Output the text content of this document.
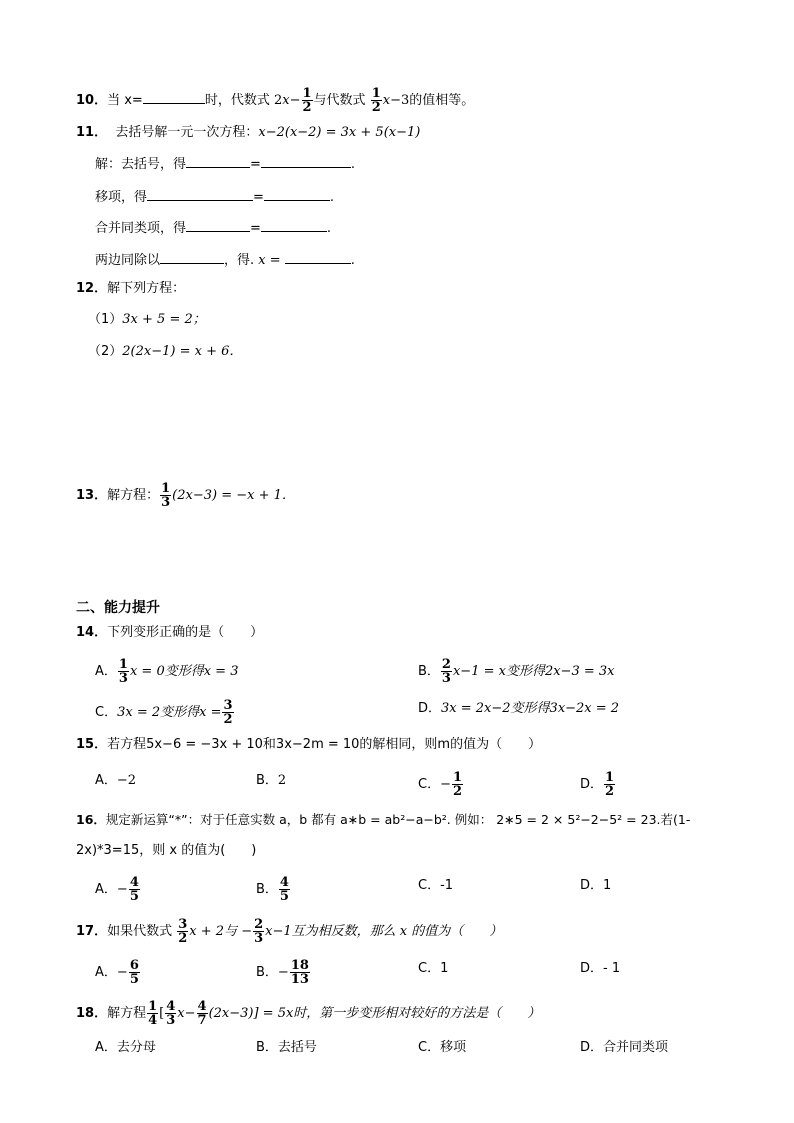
10．当 x=	时，代数式 $2x- \frac{1}{2}$ 与代数式 $\frac{1}{2} x-3$的值相等。
11． 去括号解一元一次方程：x−2(x−2) = 3x + 5(x−1)
解：去括号，得	=	.
移项，得	=	.
合并同类项，得	=	.
两边同除以	，得. x =	.
12．解下列方程：
（1）3x + 5 = 2；
（2）2(2x−1) = x + 6．
13．解方程： $\frac{1}{3} (2x-3) = -x + 1$．
二、能力提升
14．下列变形正确的是（　　）
A． $\frac{1}{3}$ x = 0变形得x = 3	B． $\frac{2}{3} x-1 = x$变形得2x−3 = 3x
C．3x = 2变形得$x = \frac{3}{2}$	D．3x = 2x−2变形得3x−2x = 2
15．若方程5x−6 = −3x + 10和3x−2m = 10的解相同，则m的值为（　　）
A．−2	B．2	C．− $\frac{1}{2}$	D． $\frac{1}{2}$
16．规定新运算“*”：对于任意实数 a，b 都有 a∗b = ab²−a−b². 例如： 2∗5 = 2 × 5²−2−5² = 23.若(1-
2x)*3=15，则 x 的值为(　　)
A．− $\frac{4}{5}$	B． $\frac{4}{5}$	C．-1	D．1
17．如果代数式 $\frac{3}{2}$ x + 2与 − $\frac{2}{3} x-1$互为相反数，那么 x 的值为（　　）
A．− $\frac{6}{5}$	B．− $\frac{18}{13}$	C．1	D．- 1
18．解方程 $\frac{1}{4}$ [ $\frac{4}{3} x- \frac{4}{7} (2x-3)] = 5x$时，第一步变形相对较好的方法是（　　）
A．去分母	B．去括号	C．移项	D．合并同类项
